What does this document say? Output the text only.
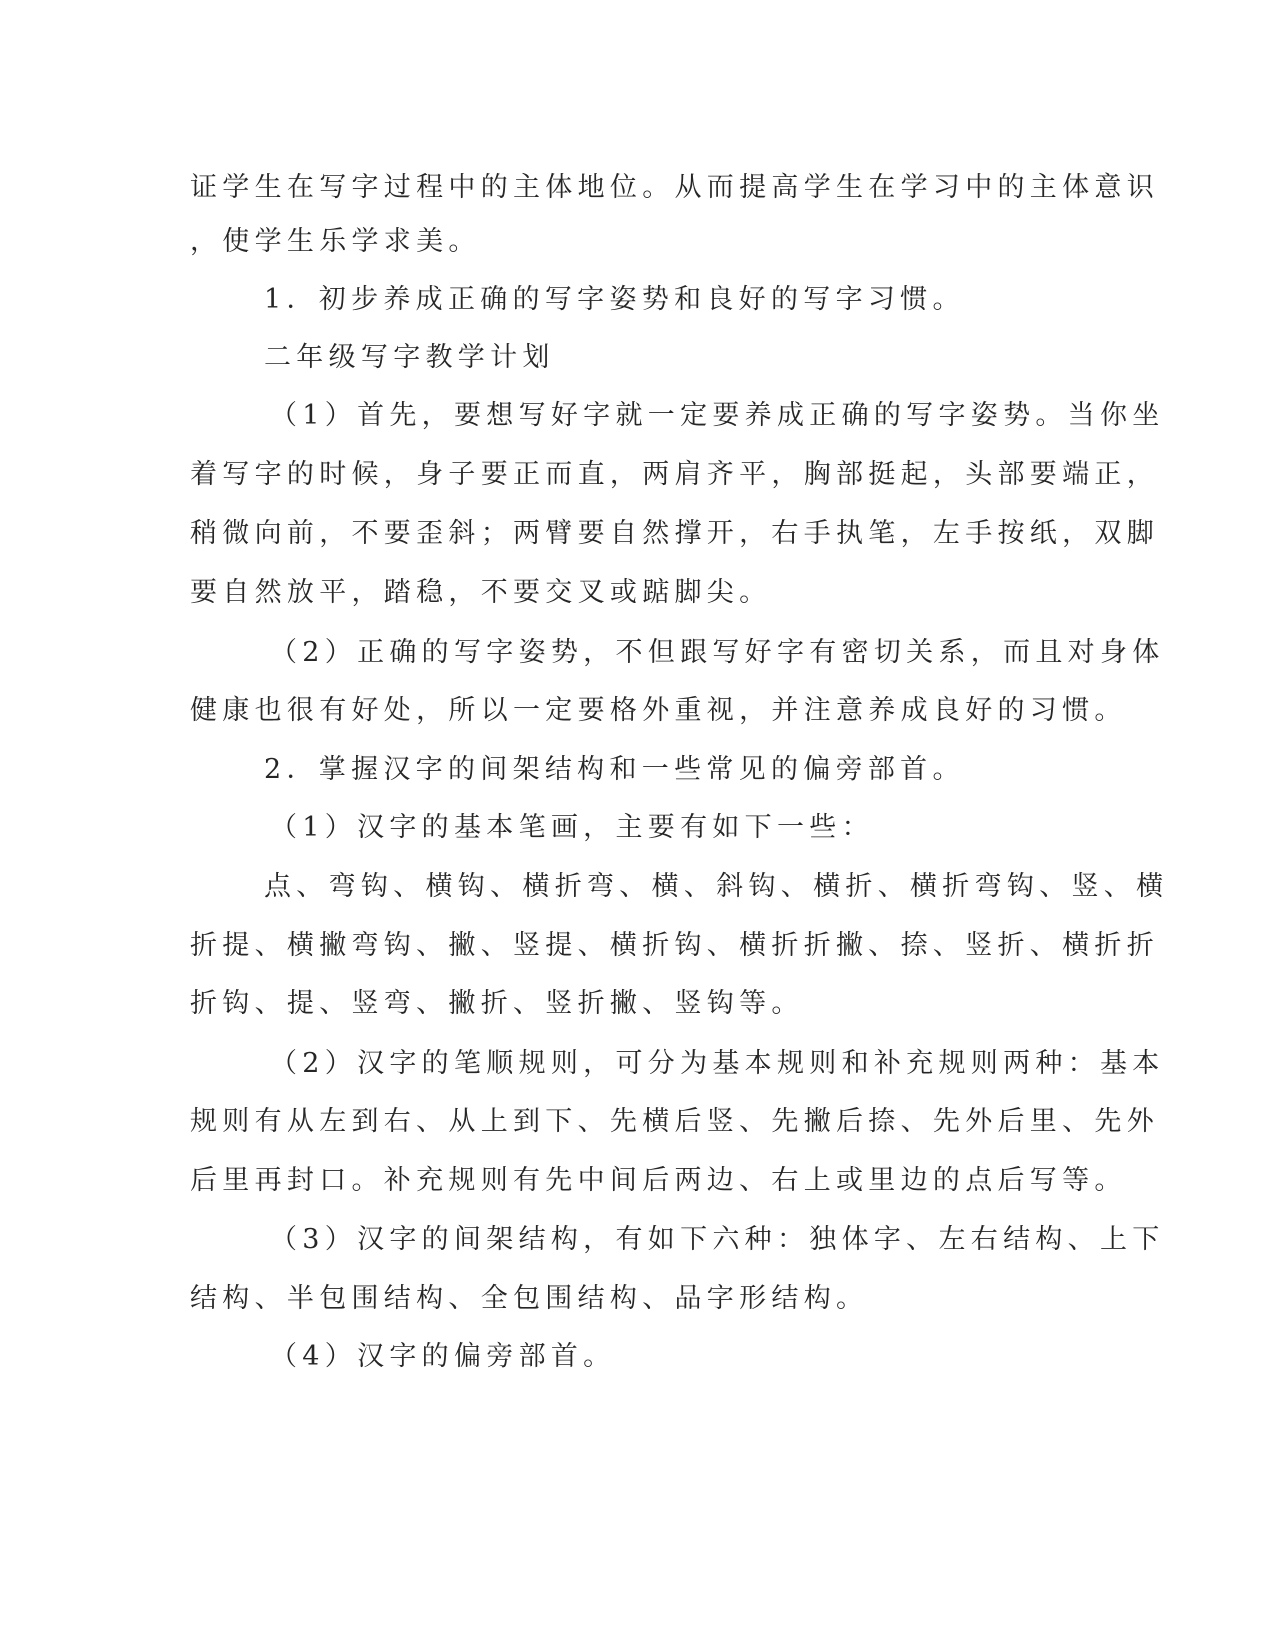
证学生在写字过程中的主体地位。从而提高学生在学习中的主体意识
，使学生乐学求美。
1．初步养成正确的写字姿势和良好的写字习惯。
二年级写字教学计划
（1）首先，要想写好字就一定要养成正确的写字姿势。当你坐
着写字的时候，身子要正而直，两肩齐平，胸部挺起，头部要端正，
稍微向前，不要歪斜；两臂要自然撑开，右手执笔，左手按纸，双脚
要自然放平，踏稳，不要交叉或踮脚尖。
（2）正确的写字姿势，不但跟写好字有密切关系，而且对身体
健康也很有好处，所以一定要格外重视，并注意养成良好的习惯。
2．掌握汉字的间架结构和一些常见的偏旁部首。
（1）汉字的基本笔画，主要有如下一些：
点、弯钩、横钩、横折弯、横、斜钩、横折、横折弯钩、竖、横
折提、横撇弯钩、撇、竖提、横折钩、横折折撇、捺、竖折、横折折
折钩、提、竖弯、撇折、竖折撇、竖钩等。
（2）汉字的笔顺规则，可分为基本规则和补充规则两种：基本
规则有从左到右、从上到下、先横后竖、先撇后捺、先外后里、先外
后里再封口。补充规则有先中间后两边、右上或里边的点后写等。
（3）汉字的间架结构，有如下六种：独体字、左右结构、上下
结构、半包围结构、全包围结构、品字形结构。
（4）汉字的偏旁部首。
